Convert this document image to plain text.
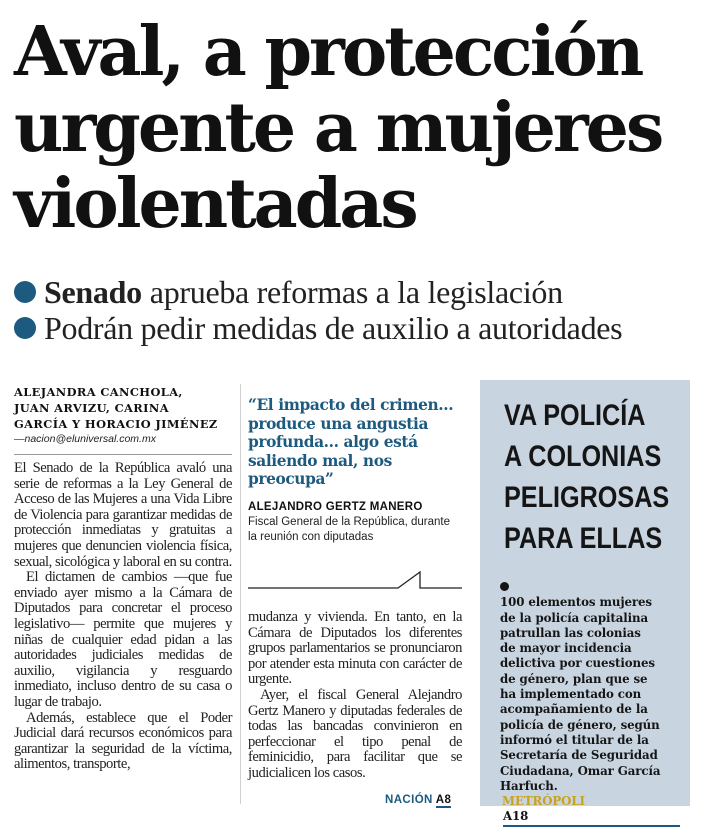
Aval, a protección
urgente a mujeres
violentadas
Senado aprueba reformas a la legislación
Podrán pedir medidas de auxilio a autoridades
ALEJANDRA CANCHOLA,
JUAN ARVIZU, CARINA
GARCÍA Y HORACIO JIMÉNEZ
—nacion@eluniversal.com.mx

El Senado de la República avaló una serie de reformas a la Ley General de Acceso de las Mujeres a una Vida Libre de Violencia para garantizar medidas de protección inmediatas y gratuitas a mujeres que denuncien violencia física, sexual, sicológica y laboral en su contra.

El dictamen de cambios —que fue enviado ayer mismo a la Cámara de Diputados para concretar el proceso legislativo— permite que mujeres y niñas de cualquier edad pidan a las autoridades judiciales medidas de auxilio, vigilancia y resguardo inmediato, incluso dentro de su casa o lugar de trabajo.

Además, establece que el Poder Judicial dará recursos económicos para garantizar la seguridad de la víctima, alimentos, transporte,

“El impacto del crimen... produce una angustia profunda... algo está saliendo mal, nos preocupa”
ALEJANDRO GERTZ MANERO
Fiscal General de la República, durante la reunión con diputadas

mudanza y vivienda. En tanto, en la Cámara de Diputados los diferentes grupos parlamentarios se pronunciaron por atender esta minuta con carácter de urgente.

Ayer, el fiscal General Alejandro Gertz Manero y diputadas federales de todas las bancadas convinieron en perfeccionar el tipo penal de feminicidio, para facilitar que se judicialicen los casos.

NACIÓN A8
VA POLICÍA
A COLONIAS
PELIGROSAS
PARA ELLAS
100 elementos mujeres
de la policía capitalina
patrullan las colonias
de mayor incidencia
delictiva por cuestiones
de género, plan que se
ha implementado con
acompañamiento de la
policía de género, según
informó el titular de la
Secretaría de Seguridad
Ciudadana, Omar García
Harfuch.
METRÓPOLI
A18
